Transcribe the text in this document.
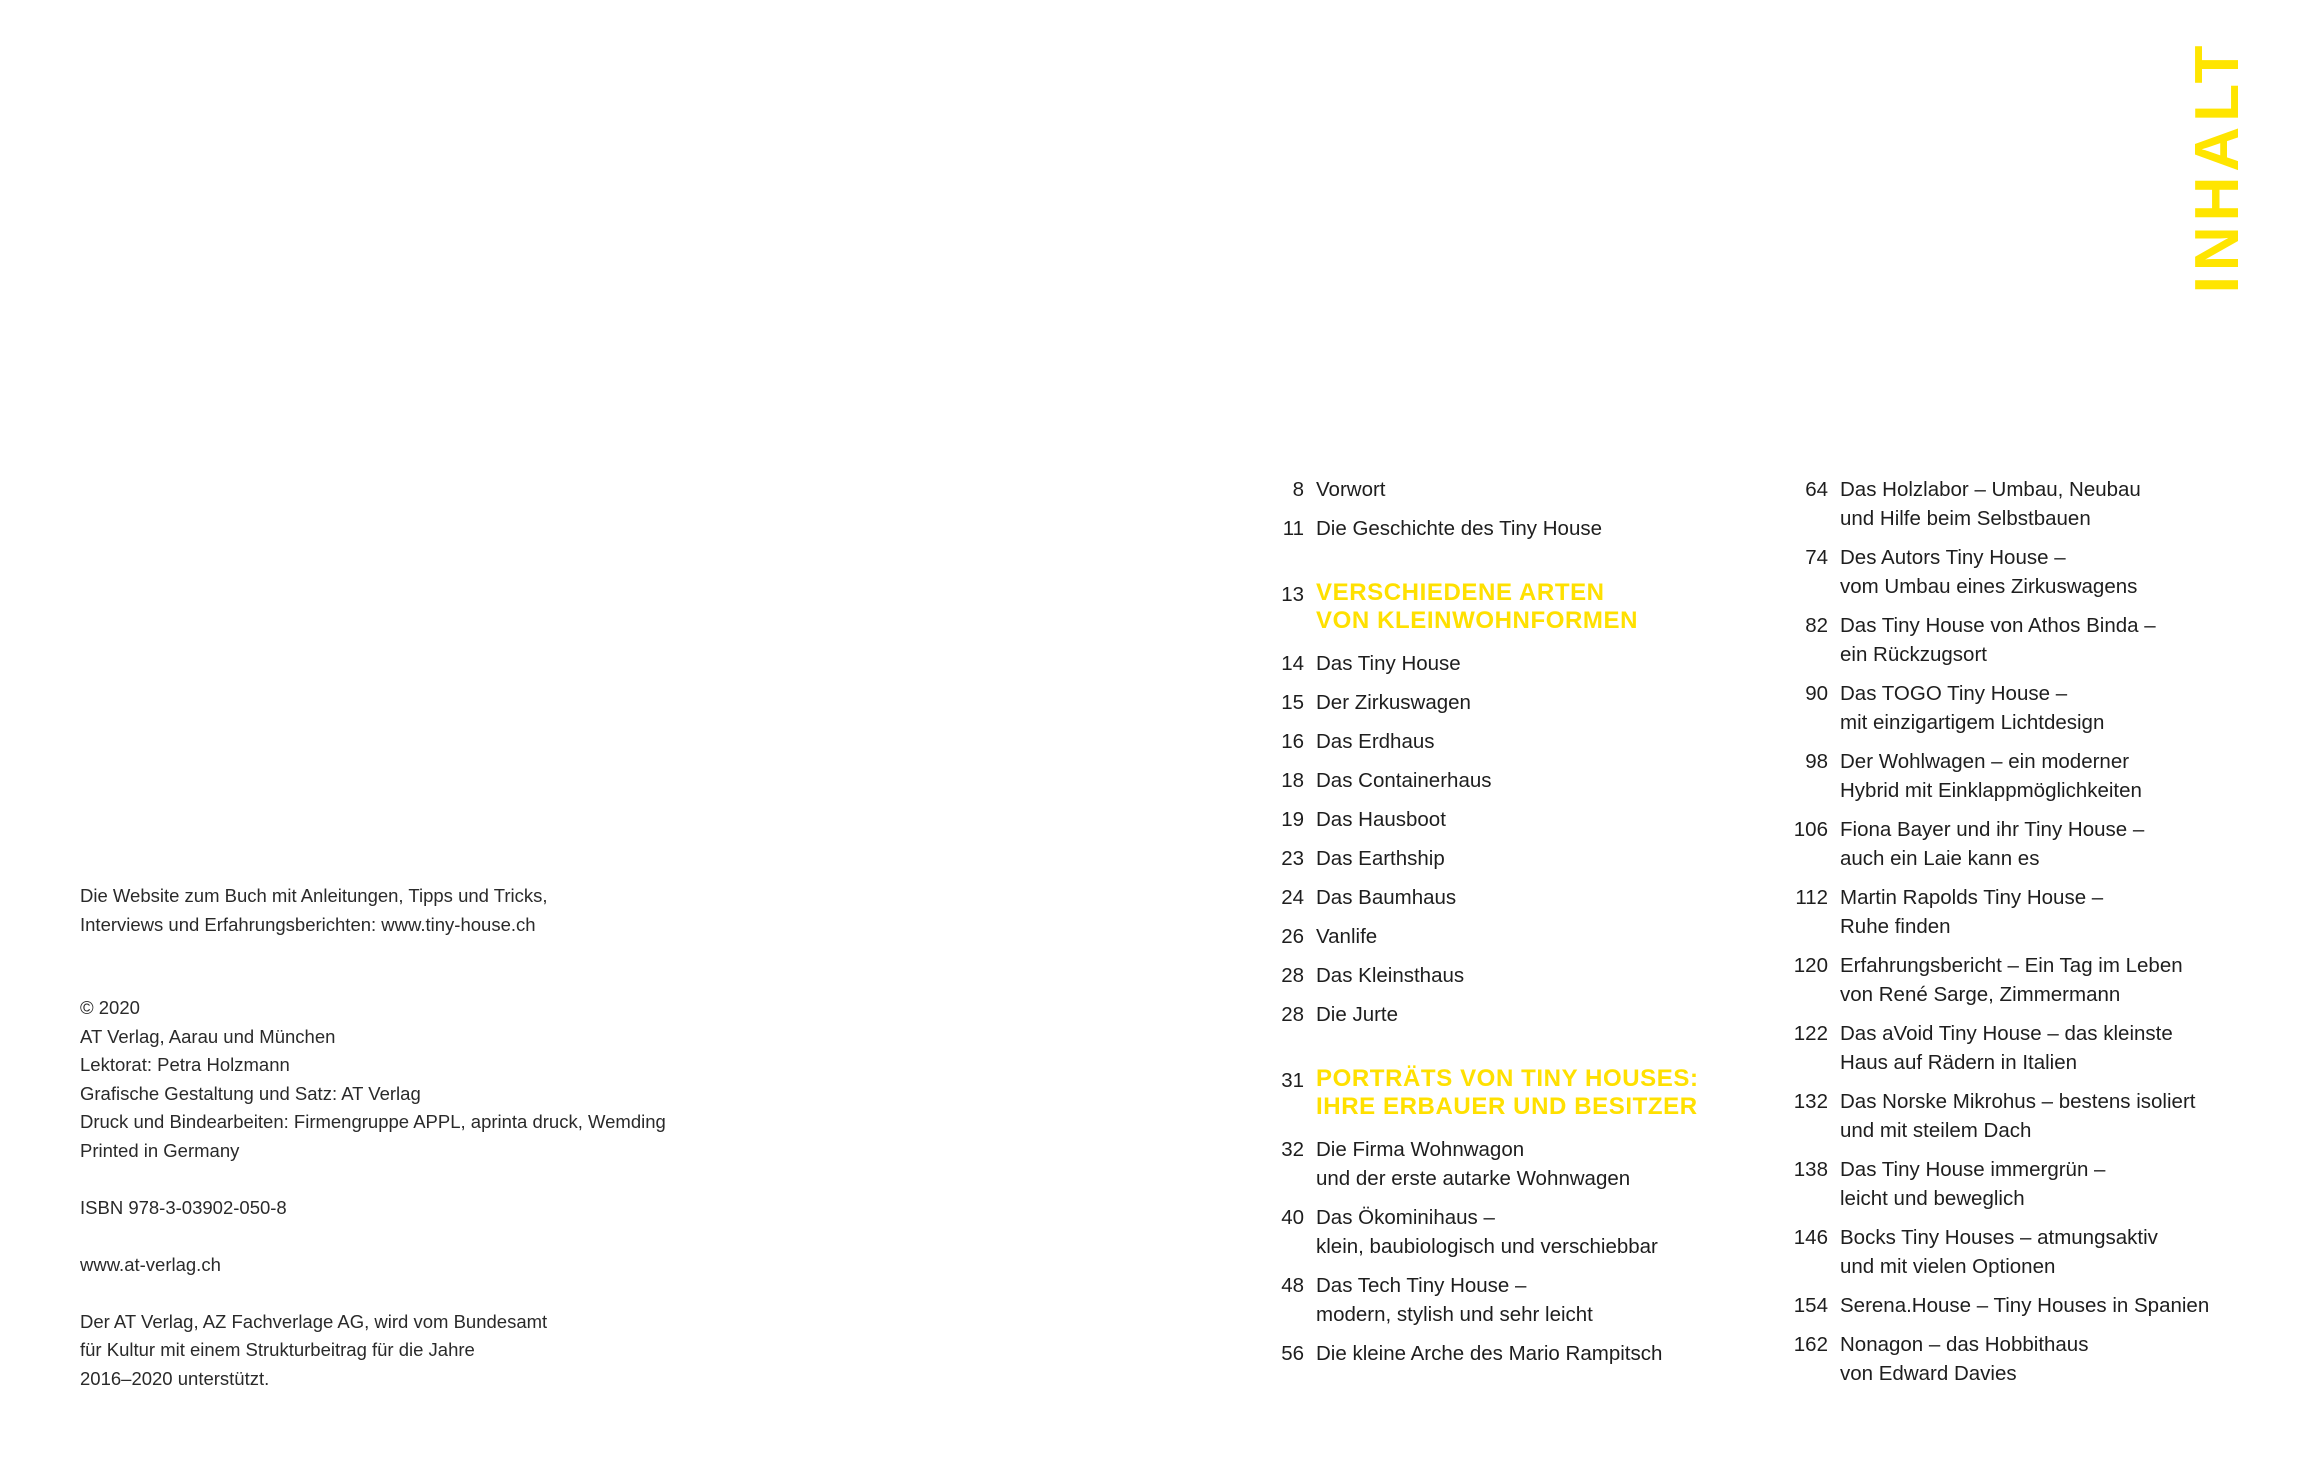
Die Website zum Buch mit Anleitungen, Tipps und Tricks,

Interviews und Erfahrungsberichten: www.tiny-house.ch

© 2020

AT Verlag, Aarau und München

Lektorat: Petra Holzmann

Grafische Gestaltung und Satz: AT Verlag

Druck und Bindearbeiten: Firmengruppe APPL, aprinta druck, Wemding

Printed in Germany

ISBN 978-3-03902-050-8

www.at-verlag.ch

Der AT Verlag, AZ Fachverlage AG, wird vom Bundesamt

für Kultur mit einem Strukturbeitrag für die Jahre

2016–2020 unterstützt.

INHALT
8 Vorwort
11 Die Geschichte des Tiny House
13 VERSCHIEDENE ARTEN
VON KLEINWOHNFORMEN
14 Das Tiny House
15 Der Zirkuswagen
16 Das Erdhaus
18 Das Containerhaus
19 Das Hausboot
23 Das Earthship
24 Das Baumhaus
26 Vanlife
28 Das Kleinsthaus
28 Die Jurte
31 PORTRÄTS VON TINY HOUSES:
IHRE ERBAUER UND BESITZER
32 Die Firma Wohnwagon
und der erste autarke Wohnwagen
40 Das Ökominihaus –
klein, baubiologisch und verschiebbar
48 Das Tech Tiny House –
modern, stylish und sehr leicht
56 Die kleine Arche des Mario Rampitsch
64 Das Holzlabor – Umbau, Neubau
und Hilfe beim Selbstbauen
74 Des Autors Tiny House –
vom Umbau eines Zirkuswagens
82 Das Tiny House von Athos Binda –
ein Rückzugsort
90 Das TOGO Tiny House –
mit einzigartigem Lichtdesign
98 Der Wohlwagen – ein moderner
Hybrid mit Einklappmöglichkeiten
106 Fiona Bayer und ihr Tiny House –
auch ein Laie kann es
112 Martin Rapolds Tiny House –
Ruhe finden
120 Erfahrungsbericht – Ein Tag im Leben
von René Sarge, Zimmermann
122 Das aVoid Tiny House – das kleinste
Haus auf Rädern in Italien
132 Das Norske Mikrohus – bestens isoliert
und mit steilem Dach
138 Das Tiny House immergrün –
leicht und beweglich
146 Bocks Tiny Houses – atmungsaktiv
und mit vielen Optionen
154 Serena.House – Tiny Houses in Spanien
162 Nonagon – das Hobbithaus
von Edward Davies
